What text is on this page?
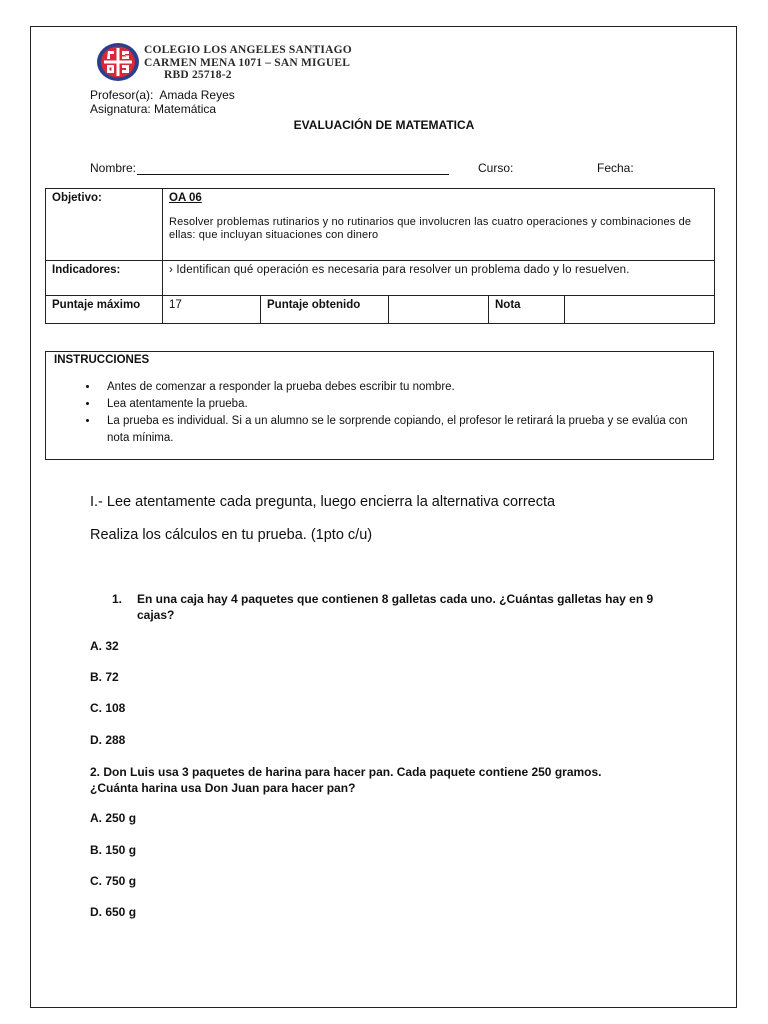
COLEGIO LOS ANGELES SANTIAGO
CARMEN MENA 1071 – SAN MIGUEL
RBD 25718-2
Profesor(a): Amada Reyes
Asignatura: Matemática
EVALUACIÓN DE MATEMATICA
Nombre:	Curso:	Fecha:
Objetivo:	OA 06
Resolver problemas rutinarios y no rutinarios que involucren las cuatro operaciones y combinaciones de ellas: que incluyan situaciones con dinero				
Indicadores:	› Identifican qué operación es necesaria para resolver un problema dado y lo resuelven.				
Puntaje máximo	17	Puntaje obtenido		Nota	
INSTRUCCIONES
• Antes de comenzar a responder la prueba debes escribir tu nombre.
• Lea atentamente la prueba.
• La prueba es individual. Si a un alumno se le sorprende copiando, el profesor le retirará la prueba y se evalúa con nota mínima.
I.- Lee atentamente cada pregunta, luego encierra la alternativa correcta
Realiza los cálculos en tu prueba. (1pto c/u)
1. En una caja hay 4 paquetes que contienen 8 galletas cada uno. ¿Cuántas galletas hay en 9 cajas?
A. 32
B. 72
C. 108
D. 288
2. Don Luis usa 3 paquetes de harina para hacer pan. Cada paquete contiene 250 gramos. ¿Cuánta harina usa Don Juan para hacer pan?
A. 250 g
B. 150 g
C. 750 g
D. 650 g
